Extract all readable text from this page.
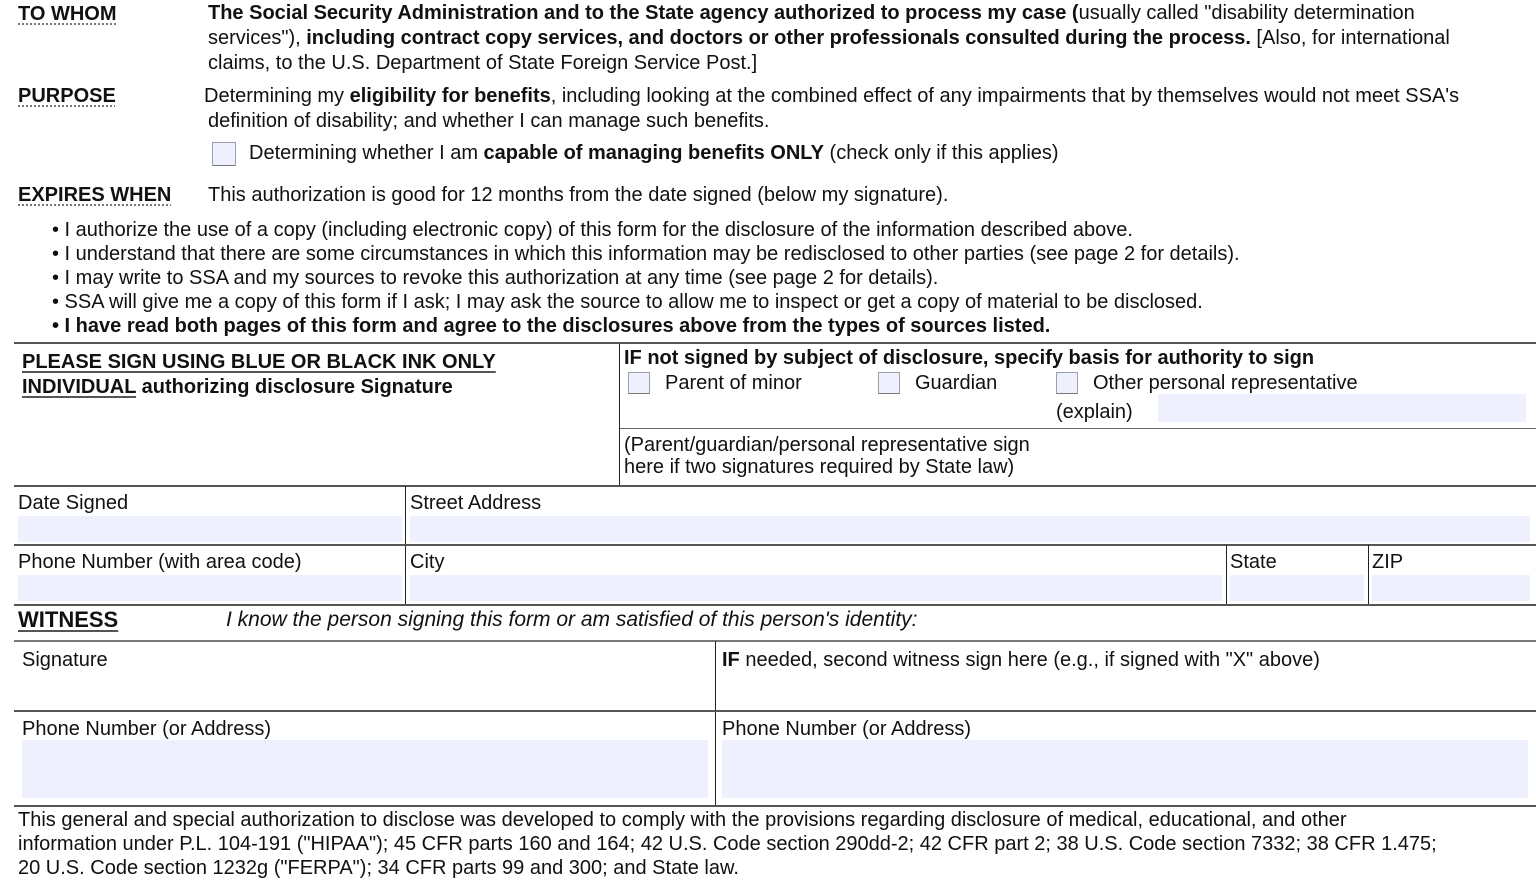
TO WHOM	The Social Security Administration and to the State agency authorized to process my case (usually called "disability determination
services"), including contract copy services, and doctors or other professionals consulted during the process. [Also, for international
claims, to the U.S. Department of State Foreign Service Post.]
PURPOSE	Determining my eligibility for benefits, including looking at the combined effect of any impairments that by themselves would not meet SSA's
definition of disability; and whether I can manage such benefits.
Determining whether I am capable of managing benefits ONLY (check only if this applies)
EXPIRES WHEN This authorization is good for 12 months from the date signed (below my signature).
• I authorize the use of a copy (including electronic copy) of this form for the disclosure of the information described above.
• I understand that there are some circumstances in which this information may be redisclosed to other parties (see page 2 for details).
• I may write to SSA and my sources to revoke this authorization at any time (see page 2 for details).
• SSA will give me a copy of this form if I ask; I may ask the source to allow me to inspect or get a copy of material to be disclosed.
• I have read both pages of this form and agree to the disclosures above from the types of sources listed.
PLEASE SIGN USING BLUE OR BLACK INK ONLY
INDIVIDUAL authorizing disclosure Signature
IF not signed by subject of disclosure, specify basis for authority to sign
Parent of minor	Guardian	Other personal representative
(explain)
(Parent/guardian/personal representative sign
here if two signatures required by State law)
Date Signed	Street Address
Phone Number (with area code)	City	State	ZIP
WITNESS	I know the person signing this form or am satisfied of this person's identity:
Signature	IF needed, second witness sign here (e.g., if signed with "X" above)
Phone Number (or Address)	Phone Number (or Address)
This general and special authorization to disclose was developed to comply with the provisions regarding disclosure of medical, educational, and other
information under P.L. 104-191 ("HIPAA"); 45 CFR parts 160 and 164; 42 U.S. Code section 290dd-2; 42 CFR part 2; 38 U.S. Code section 7332; 38 CFR 1.475;
20 U.S. Code section 1232g ("FERPA"); 34 CFR parts 99 and 300; and State law.
